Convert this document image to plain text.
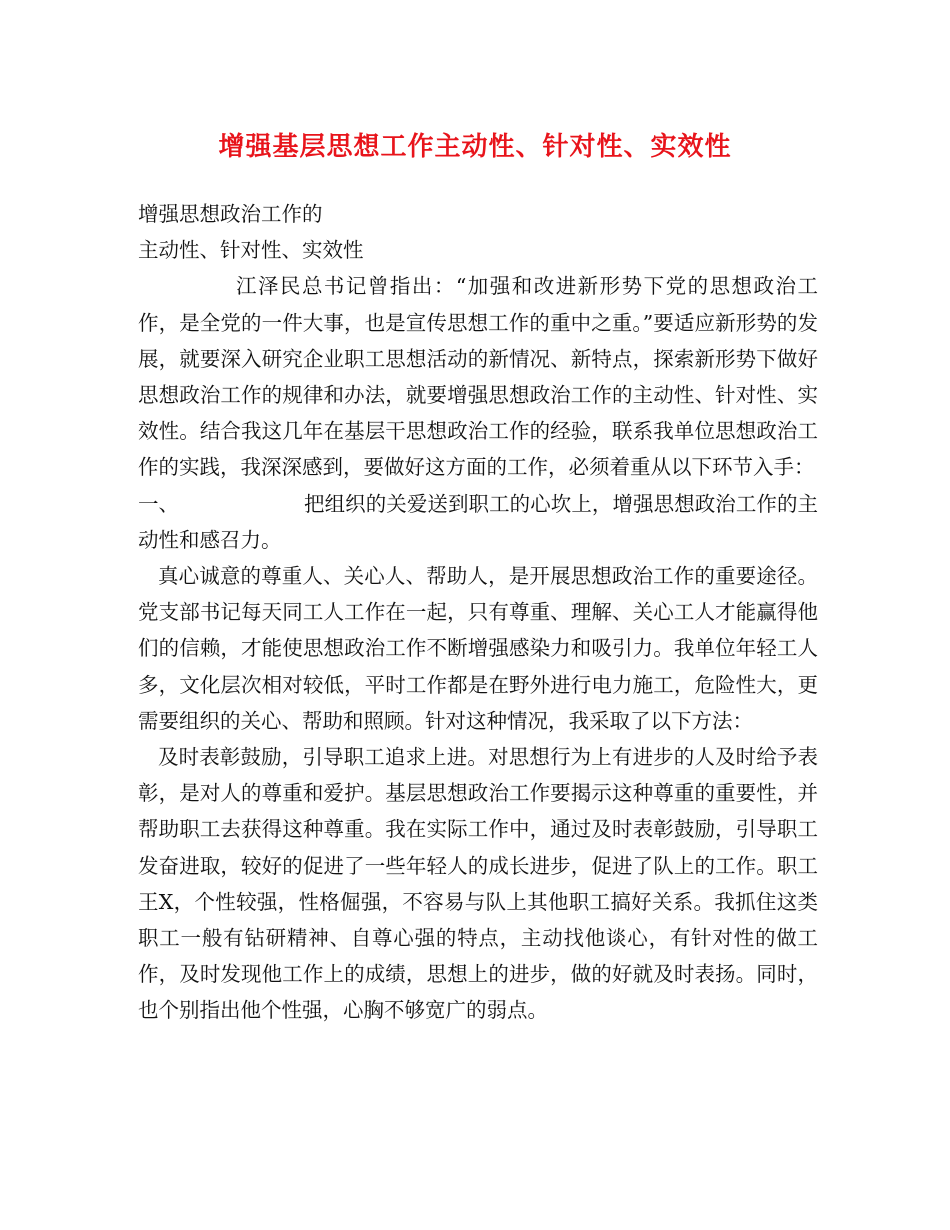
增强基层思想工作主动性、针对性、实效性

增强思想政治工作的

主动性、针对性、实效性

江泽民总书记曾指出：“加强和改进新形势下党的思想政治工作，是全党的一件大事，也是宣传思想工作的重中之重。”要适应新形势的发展，就要深入研究企业职工思想活动的新情况、新特点，探索新形势下做好思想政治工作的规律和办法，就要增强思想政治工作的主动性、针对性、实效性。结合我这几年在基层干思想政治工作的经验，联系我单位思想政治工作的实践，我深深感到，要做好这方面的工作，必须着重从以下环节入手：

一、	把组织的关爱送到职工的心坎上，增强思想政治工作的主动性和感召力。

真心诚意的尊重人、关心人、帮助人，是开展思想政治工作的重要途径。党支部书记每天同工人工作在一起，只有尊重、理解、关心工人才能赢得他们的信赖，才能使思想政治工作不断增强感染力和吸引力。我单位年轻工人多，文化层次相对较低，平时工作都是在野外进行电力施工，危险性大，更需要组织的关心、帮助和照顾。针对这种情况，我采取了以下方法：

及时表彰鼓励，引导职工追求上进。对思想行为上有进步的人及时给予表彰，是对人的尊重和爱护。基层思想政治工作要揭示这种尊重的重要性，并帮助职工去获得这种尊重。我在实际工作中，通过及时表彰鼓励，引导职工发奋进取，较好的促进了一些年轻人的成长进步，促进了队上的工作。职工王X，个性较强，性格倔强，不容易与队上其他职工搞好关系。我抓住这类职工一般有钻研精神、自尊心强的特点，主动找他谈心，有针对性的做工作，及时发现他工作上的成绩，思想上的进步，做的好就及时表扬。同时，也个别指出他个性强，心胸不够宽广的弱点。
